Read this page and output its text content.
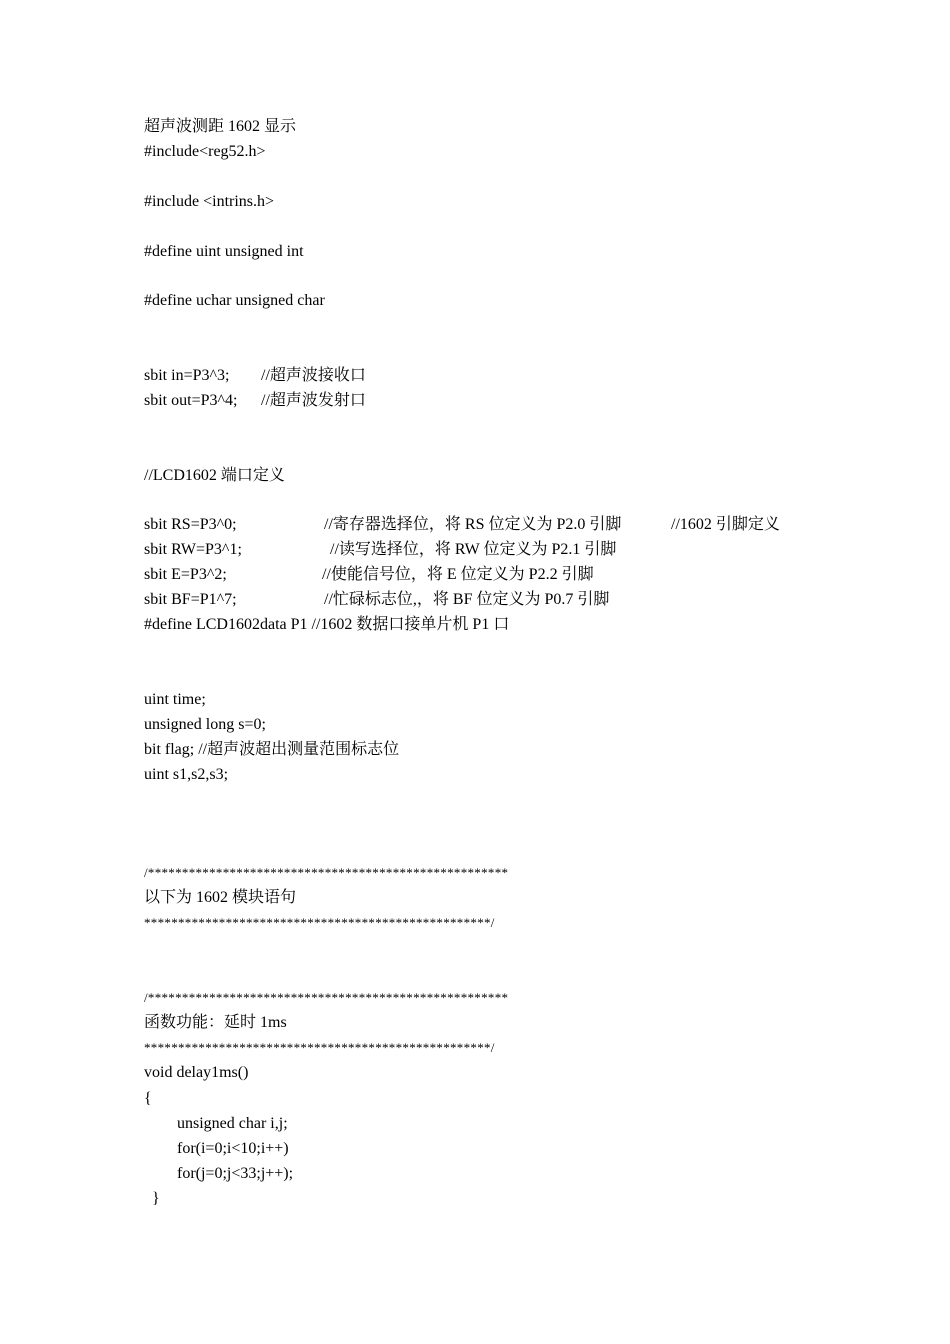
超声波测距 1602 显示
#include<reg52.h>
#include <intrins.h>
#define uint unsigned int
#define uchar unsigned char
sbit in=P3^3; //超声波接收口
sbit out=P3^4; //超声波发射口
//LCD1602 端口定义
sbit RS=P3^0;	//寄存器选择位，将 RS 位定义为 P2.0 引脚	//1602 引脚定义
sbit RW=P3^1;	//读写选择位，将 RW 位定义为 P2.1 引脚
sbit E=P3^2;	//使能信号位，将 E 位定义为 P2.2 引脚
sbit BF=P1^7;	//忙碌标志位,，将 BF 位定义为 P0.7 引脚
#define LCD1602data P1 //1602 数据口接单片机 P1 口
uint time;
unsigned long s=0;
bit flag; //超声波超出测量范围标志位
uint s1,s2,s3;
/*****************************************************
以下为 1602 模块语句
***************************************************/
/*****************************************************
函数功能：延时 1ms
***************************************************/
void delay1ms()
{
unsigned char i,j;
for(i=0;i<10;i++)
for(j=0;j<33;j++);
}
